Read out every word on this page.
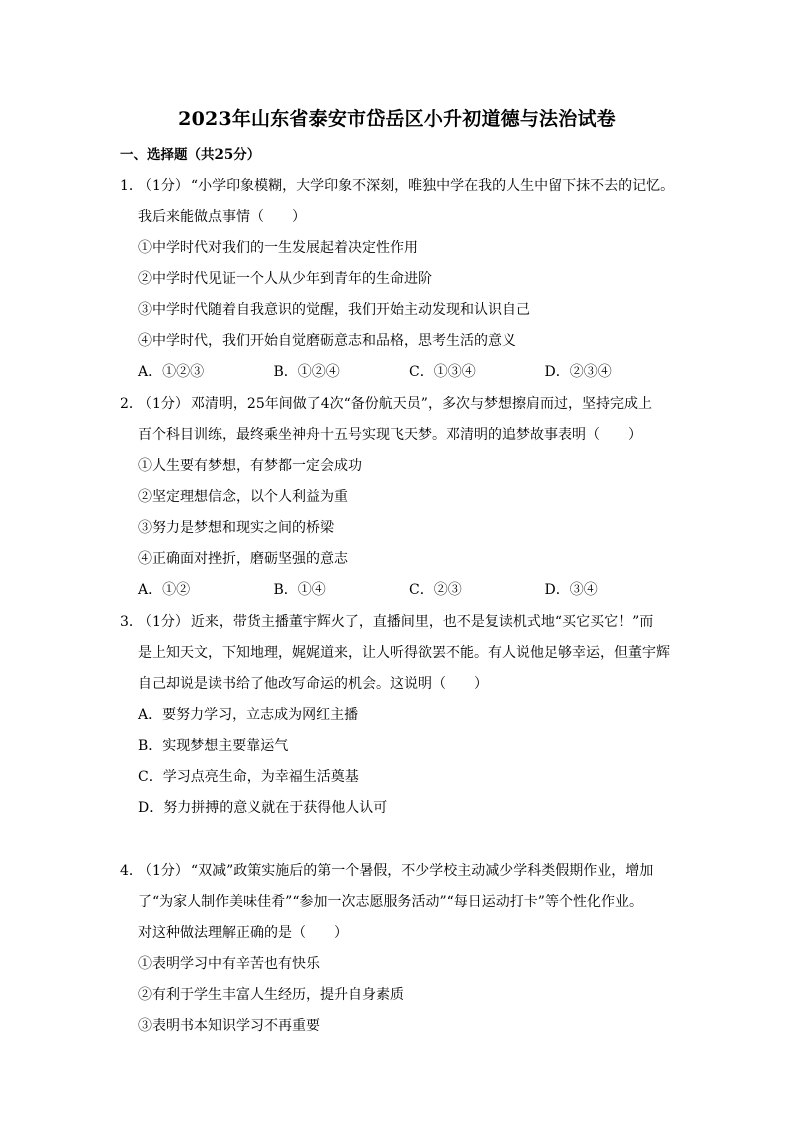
2023年山东省泰安市岱岳区小升初道德与法治试卷
一、选择题（共25分）
1．（1分） “小学印象模糊，大学印象不深刻，唯独中学在我的人生中留下抹不去的记忆。
我后来能做点事情（　　）
①中学时代对我们的一生发展起着决定性作用
②中学时代见证一个人从少年到青年的生命进阶
③中学时代随着自我意识的觉醒，我们开始主动发现和认识自己
④中学时代，我们开始自觉磨砺意志和品格，思考生活的意义
A．①②③	B．①②④	C．①③④	D．②③④
2．（1分） 邓清明，25年间做了4次“备份航天员”，多次与梦想擦肩而过，坚持完成上
百个科目训练，最终乘坐神舟十五号实现飞天梦。邓清明的追梦故事表明（　　）
①人生要有梦想，有梦都一定会成功
②坚定理想信念，以个人利益为重
③努力是梦想和现实之间的桥梁
④正确面对挫折，磨砺坚强的意志
A．①②	B．①④	C．②③	D．③④
3．（1分） 近来，带货主播董宇辉火了，直播间里，也不是复读机式地“买它买它！”而
是上知天文，下知地理，娓娓道来，让人听得欲罢不能。有人说他足够幸运，但董宇辉
自己却说是读书给了他改写命运的机会。这说明（　　）
A．要努力学习，立志成为网红主播
B．实现梦想主要靠运气
C．学习点亮生命，为幸福生活奠基
D．努力拼搏的意义就在于获得他人认可
4．（1分） “双减”政策实施后的第一个暑假，不少学校主动减少学科类假期作业，增加
了“为家人制作美味佳肴”“参加一次志愿服务活动”“每日运动打卡”等个性化作业。
对这种做法理解正确的是（　　）
①表明学习中有辛苦也有快乐
②有利于学生丰富人生经历，提升自身素质
③表明书本知识学习不再重要
